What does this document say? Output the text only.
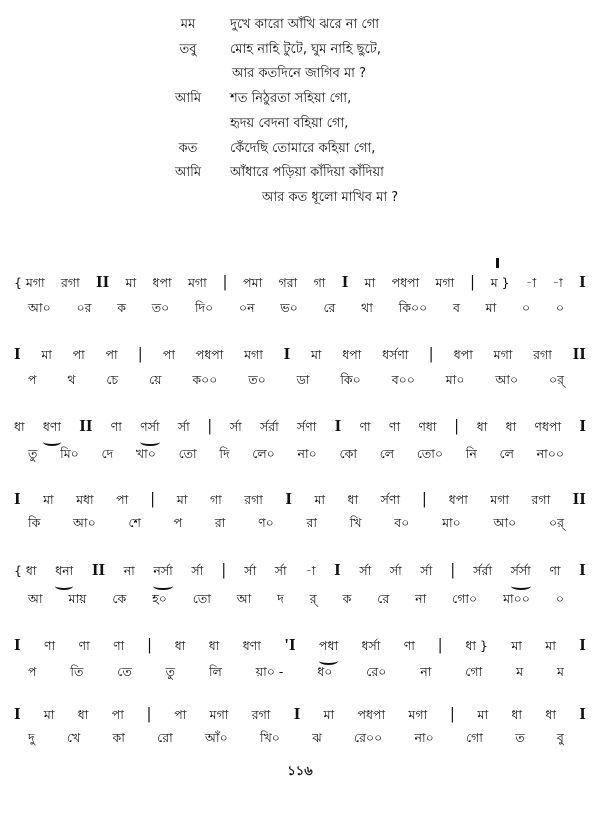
মম	দুখে কারো আঁখি ঝরে না গো
তবু	মোহ নাহি টুটে, ঘুম নাহি ছুটে,
আর কতদিনে জাগিব মা ?
আমি	শত নিঠুরতা সহিয়া গো,
হৃদয় বেদনা বহিয়া গো,
কত	কেঁদেছি তোমারে কহিয়া গো,
আমি	আঁধারে পড়িয়া কাঁদিয়া কাঁদিয়া
আর কত ধূলো মাখিব মা ?
{ মগা রগা II মা ধপা মগা | পমা গরা গা I মা পধপা মগা | ম } -া -া I
আ০ ০র ক ত০ দি০ ০ন ভ০ রে থা কি০০ ব মা ০ ০
I মা পা পা | পা পধপা মগা I মা ধপা ধর্সণা | ধপা মগা রগা II
প থ চে য়ে ক০০ ত০ ডা কি০ ব০০ মা০ আ০ ০র্
ধা ধণা II ণা ণর্সা র্সা | র্সা র্সর্রা র্সণা I ণা ণা ণধা | ধা ধা ণধপা I
তু মি০ দে খা০ তো দি লে০ না০ কো লে তো০ নি লে না০০
I মা মধা পা | মা গা রগা I মা ধা র্সণা | ধপা মগা রগা II
কি	আ০	শে	প	রা	ণ০	রা	খি	ব০	মা০	আ০	০র্
{ ধা ধনা II না নর্সা র্সা | র্সা র্সা -া I র্সা র্সা র্সা | র্সর্রা র্সর্সা ণা I
আ মায় কে হ০ তো আ দ র্ ক রে না গো০ মা০০ ০
I ণা ণা ণা | ধা ধা ধণা 'I পধা ধর্সা ণা | ধা } মা মা I
প	তি	তে	তু	লি	য়া০ -	ধ০	রে০	না	গো	ম	ম
I মা ধা পা | পা মগা রগা I মা পধপা মগা | মা ধা ধা I
দু	খে	কা	রো	আঁ০	খি০	ঝ	রে০০	না০	গো	ত	বু
১১৬
